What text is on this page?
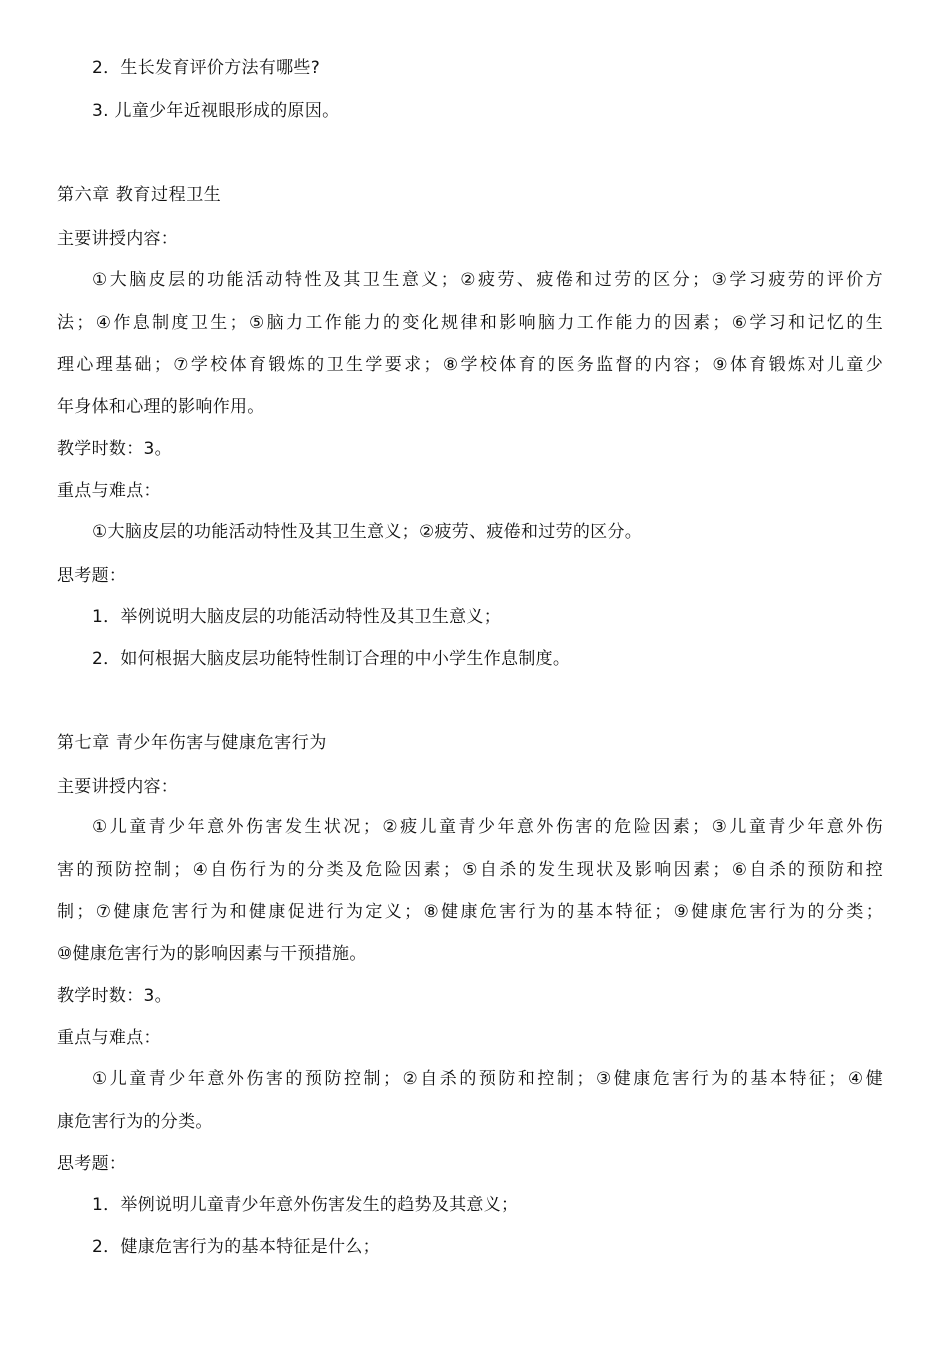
2．生长发育评价方法有哪些?
3. 儿童少年近视眼形成的原因。
第六章 教育过程卫生
主要讲授内容：
①大脑皮层的功能活动特性及其卫生意义；②疲劳、疲倦和过劳的区分；③学习疲劳的评价方
法；④作息制度卫生；⑤脑力工作能力的变化规律和影响脑力工作能力的因素；⑥学习和记忆的生
理心理基础；⑦学校体育锻炼的卫生学要求；⑧学校体育的医务监督的内容；⑨体育锻炼对儿童少
年身体和心理的影响作用。
教学时数：3。
重点与难点：
①大脑皮层的功能活动特性及其卫生意义；②疲劳、疲倦和过劳的区分。
思考题：
1．举例说明大脑皮层的功能活动特性及其卫生意义；
2．如何根据大脑皮层功能特性制订合理的中小学生作息制度。
第七章 青少年伤害与健康危害行为
主要讲授内容：
①儿童青少年意外伤害发生状况；②疲儿童青少年意外伤害的危险因素；③儿童青少年意外伤
害的预防控制；④自伤行为的分类及危险因素；⑤自杀的发生现状及影响因素；⑥自杀的预防和控
制；⑦健康危害行为和健康促进行为定义；⑧健康危害行为的基本特征；⑨健康危害行为的分类；
⑩健康危害行为的影响因素与干预措施。
教学时数：3。
重点与难点：
①儿童青少年意外伤害的预防控制；②自杀的预防和控制；③健康危害行为的基本特征；④健
康危害行为的分类。
思考题：
1．举例说明儿童青少年意外伤害发生的趋势及其意义；
2．健康危害行为的基本特征是什么；
